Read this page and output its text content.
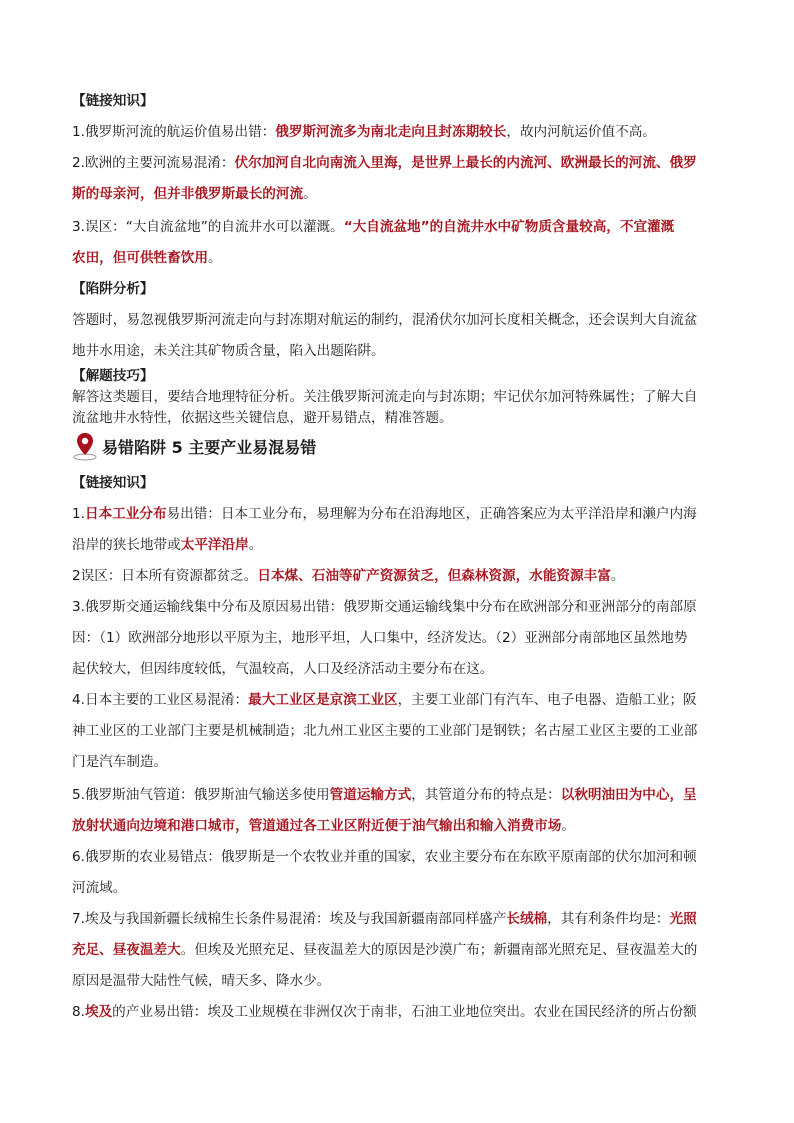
【链接知识】
1.俄罗斯河流的航运价值易出错：俄罗斯河流多为南北走向且封冻期较长，故内河航运价值不高。
2.欧洲的主要河流易混淆：伏尔加河自北向南流入里海，是世界上最长的内流河、欧洲最长的河流、俄罗
斯的母亲河，但并非俄罗斯最长的河流。
3.误区：“大自流盆地”的自流井水可以灌溉。“大自流盆地”的自流井水中矿物质含量较高，不宜灌溉
农田，但可供牲畜饮用。
【陷阱分析】
答题时，易忽视俄罗斯河流走向与封冻期对航运的制约，混淆伏尔加河长度相关概念，还会误判大自流盆
地井水用途，未关注其矿物质含量，陷入出题陷阱。
【解题技巧】
解答这类题目，要结合地理特征分析。关注俄罗斯河流走向与封冻期；牢记伏尔加河特殊属性；了解大自
流盆地井水特性，依据这些关键信息，避开易错点，精准答题。
易错陷阱 5 主要产业易混易错
【链接知识】
1.日本工业分布易出错：日本工业分布，易理解为分布在沿海地区，正确答案应为太平洋沿岸和濑户内海
沿岸的狭长地带或太平洋沿岸。
2误区：日本所有资源都贫乏。日本煤、石油等矿产资源贫乏，但森林资源，水能资源丰富。
3.俄罗斯交通运输线集中分布及原因易出错：俄罗斯交通运输线集中分布在欧洲部分和亚洲部分的南部原
因：（1）欧洲部分地形以平原为主，地形平坦，人口集中，经济发达。（2）亚洲部分南部地区虽然地势
起伏较大，但因纬度较低，气温较高，人口及经济活动主要分布在这。
4.日本主要的工业区易混淆：最大工业区是京滨工业区，主要工业部门有汽车、电子电器、造船工业；阪
神工业区的工业部门主要是机械制造；北九州工业区主要的工业部门是钢铁；名古屋工业区主要的工业部
门是汽车制造。
5.俄罗斯油气管道：俄罗斯油气输送多使用管道运输方式，其管道分布的特点是：以秋明油田为中心，呈
放射状通向边境和港口城市，管道通过各工业区附近便于油气输出和输入消费市场。
6.俄罗斯的农业易错点：俄罗斯是一个农牧业并重的国家，农业主要分布在东欧平原南部的伏尔加河和顿
河流域。
7.埃及与我国新疆长绒棉生长条件易混淆：埃及与我国新疆南部同样盛产长绒棉，其有利条件均是：光照
充足、昼夜温差大。但埃及光照充足、昼夜温差大的原因是沙漠广布；新疆南部光照充足、昼夜温差大的
原因是温带大陆性气候，晴天多、降水少。
8.埃及的产业易出错：埃及工业规模在非洲仅次于南非，石油工业地位突出。农业在国民经济的所占份额
